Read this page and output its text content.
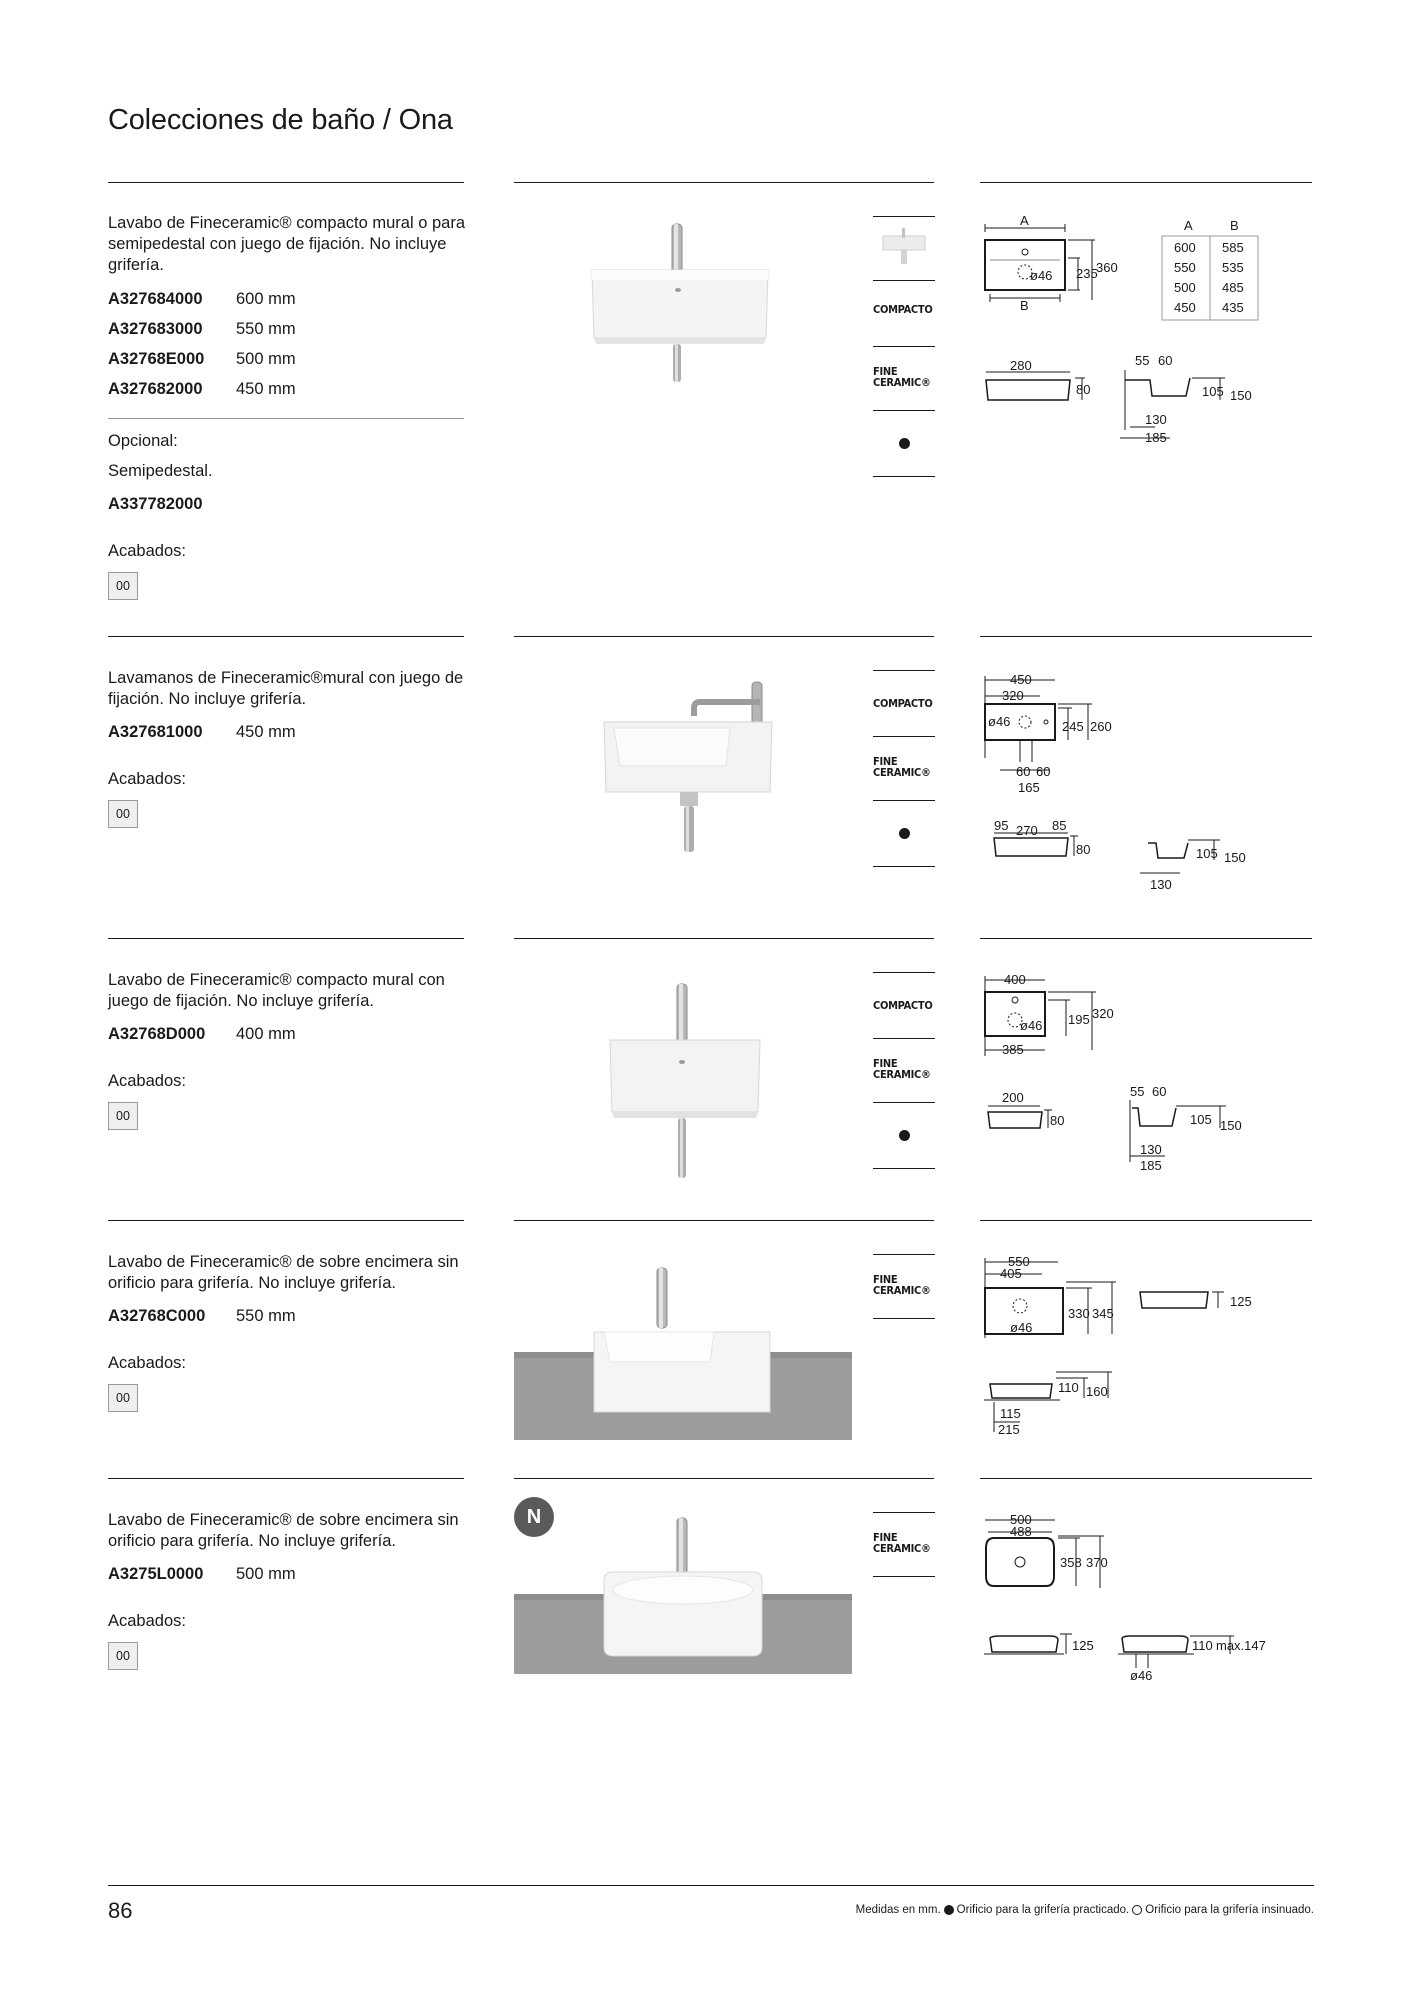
Colecciones de baño / Ona
Lavabo de Fineceramic® compacto mural o para semipedestal con juego de fijación. No incluye grifería.
A327684000	600 mm
A327683000	550 mm
A32768E000	500 mm
A327682000	450 mm
Opcional:
Semipedestal.
A337782000
Acabados:
00
COMPACTO
FINE
CERAMIC®
A
B
ø46 235
360
A	B
600 585
550 535
500 485
450 435
280
80
55 60
105 150
130
185
Lavamanos de Fineceramic®mural con juego de fijación. No incluye grifería.
A327681000	450 mm
Acabados:
00
COMPACTO
FINE
CERAMIC®
450
320
ø46	245 260
60 60
165
95 270 85
80	105 150
130
Lavabo de Fineceramic® compacto mural con juego de fijación. No incluye grifería.
A32768D000	400 mm
Acabados:
00
COMPACTO
FINE
CERAMIC®
400
ø46 195 320
385
200
80
55 60
105 150
130
185
Lavabo de Fineceramic® de sobre encimera sin orificio para grifería. No incluye grifería.
A32768C000	550 mm
Acabados:
00
FINE
CERAMIC®
550
405
ø46
330 345
125
110 160
115
215
Lavabo de Fineceramic® de sobre encimera sin orificio para grifería. No incluye grifería.
A3275L0000	500 mm
Acabados:
00
N
FINE
CERAMIC®
500
488
358 370
125	110 max.147
ø46
86	Medidas en mm. Orificio para la grifería practicado. Orificio para la grifería insinuado.
